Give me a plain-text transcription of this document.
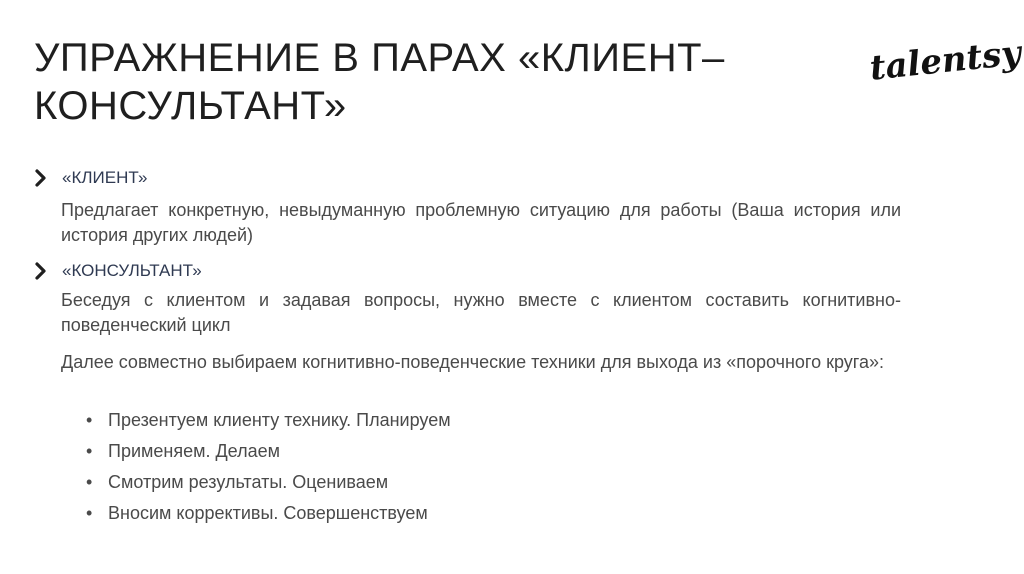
УПРАЖНЕНИЕ В ПАРАХ «КЛИЕНТ– КОНСУЛЬТАНТ»
talentsy
«КЛИЕНТ»

Предлагает конкретную, невыдуманную проблемную ситуацию для работы (Ваша история или история других людей)

«КОНСУЛЬТАНТ»

Беседуя с клиентом и задавая вопросы, нужно вместе с клиентом составить когнитивно-поведенческий цикл

Далее совместно выбираем когнитивно-поведенческие техники для выхода из «порочного круга»:

• Презентуем клиенту технику. Планируем
• Применяем. Делаем
• Смотрим результаты. Оцениваем
• Вносим коррективы. Совершенствуем
